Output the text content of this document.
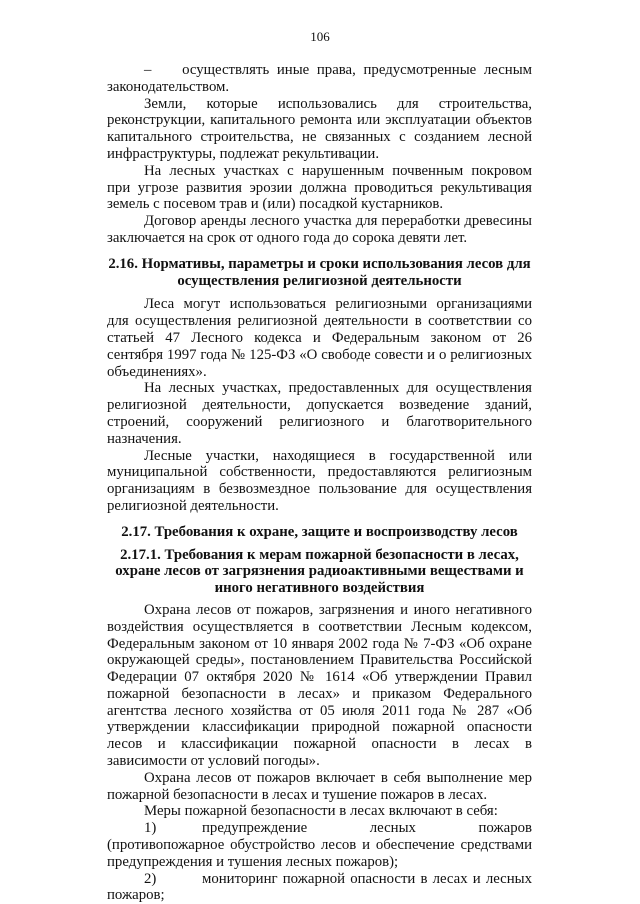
106

–    осуществлять иные права, предусмотренные лесным законодательством.

Земли, которые использовались для строительства, реконструкции, капитального ремонта или эксплуатации объектов капитального строительства, не связанных с созданием лесной инфраструктуры, подлежат рекультивации.

На лесных участках с нарушенным почвенным покровом при угрозе развития эрозии должна проводиться рекультивация земель с посевом трав и (или) посадкой кустарников.

Договор аренды лесного участка для переработки древесины заключается на срок от одного года до сорока девяти лет.

2.16. Нормативы, параметры и сроки использования лесов для осуществления религиозной деятельности

Леса могут использоваться религиозными организациями для осуществления религиозной деятельности в соответствии со статьей 47 Лесного кодекса и Федеральным законом от 26 сентября 1997 года № 125-ФЗ «О свободе совести и о религиозных объединениях».

На лесных участках, предоставленных для осуществления религиозной деятельности, допускается возведение зданий, строений, сооружений религиозного и благотворительного назначения.

Лесные участки, находящиеся в государственной или муниципальной собственности, предоставляются религиозным организациям в безвозмездное пользование для осуществления религиозной деятельности.

2.17. Требования к охране, защите и воспроизводству лесов
2.17.1. Требования к мерам пожарной безопасности в лесах, охране лесов от загрязнения радиоактивными веществами и иного негативного воздействия

Охрана лесов от пожаров, загрязнения и иного негативного воздействия осуществляется в соответствии Лесным кодексом, Федеральным законом от 10 января 2002 года № 7-ФЗ «Об охране окружающей среды», постановлением Правительства Российской Федерации 07 октября 2020 № 1614 «Об утверждении Правил пожарной безопасности в лесах» и приказом Федерального агентства лесного хозяйства от 05 июля 2011 года № 287 «Об утверждении классификации природной пожарной опасности лесов и классификации пожарной опасности в лесах в зависимости от условий погоды».

Охрана лесов от пожаров включает в себя выполнение мер пожарной безопасности в лесах и тушение пожаров в лесах.

Меры пожарной безопасности в лесах включают в себя:

1)	предупреждение лесных пожаров (противопожарное обустройство лесов и обеспечение средствами предупреждения и тушения лесных пожаров);

2)	мониторинг пожарной опасности в лесах и лесных пожаров;
